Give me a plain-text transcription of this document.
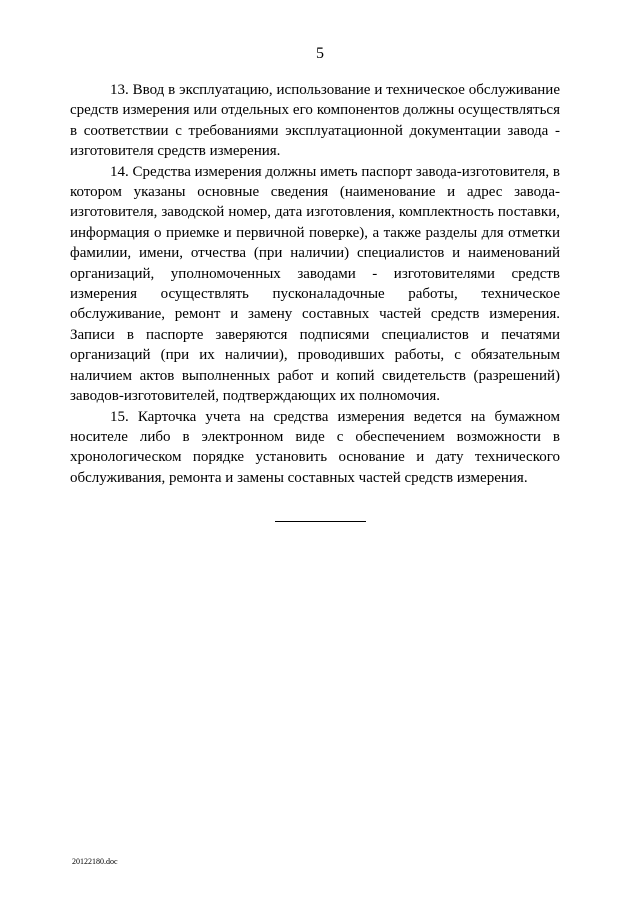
5

13. Ввод в эксплуатацию, использование и техническое обслуживание средств измерения или отдельных его компонентов должны осуществляться в соответствии с требованиями эксплуатационной документации завода - изготовителя средств измерения.

14. Средства измерения должны иметь паспорт завода-изготовителя, в котором указаны основные сведения (наименование и адрес завода-изготовителя, заводской номер, дата изготовления, комплектность поставки, информация о приемке и первичной поверке), а также разделы для отметки фамилии, имени, отчества (при наличии) специалистов и наименований организаций, уполномоченных заводами - изготовителями средств измерения осуществлять пусконаладочные работы, техническое обслуживание, ремонт и замену составных частей средств измерения. Записи в паспорте заверяются подписями специалистов и печатями организаций (при их наличии), проводивших работы, с обязательным наличием актов выполненных работ и копий свидетельств (разрешений) заводов-изготовителей, подтверждающих их полномочия.

15. Карточка учета на средства измерения ведется на бумажном носителе либо в электронном виде с обеспечением возможности в хронологическом порядке установить основание и дату технического обслуживания, ремонта и замены составных частей средств измерения.

20122180.doc
